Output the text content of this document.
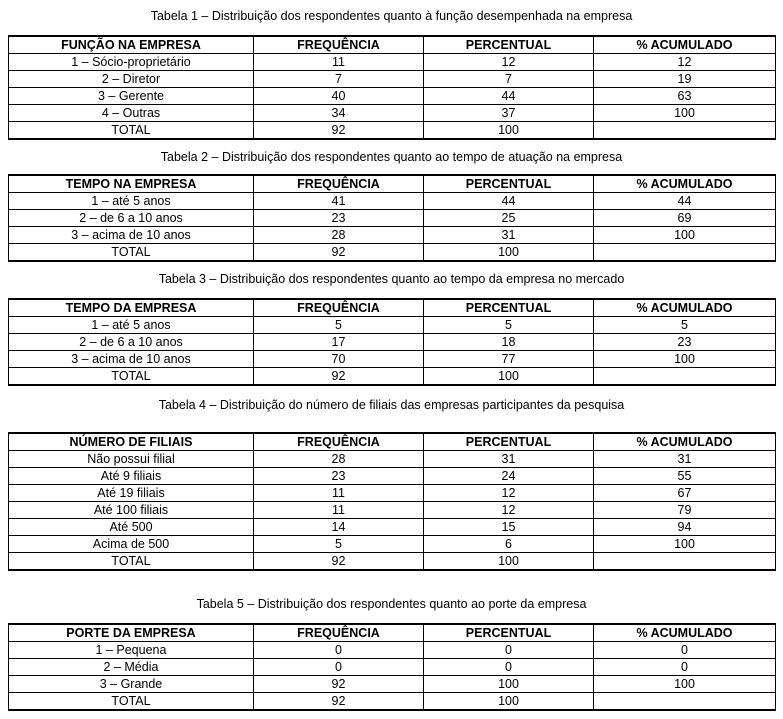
Tabela 1 – Distribuição dos respondentes quanto à função desempenhada na empresa
FUNÇÃO NA EMPRESA	FREQUÊNCIA	PERCENTUAL	% ACUMULADO
1 – Sócio-proprietário	11	12	12
2 – Diretor	7	7	19
3 – Gerente	40	44	63
4 – Outras	34	37	100
TOTAL	92	100	
Tabela 2 – Distribuição dos respondentes quanto ao tempo de atuação na empresa
TEMPO NA EMPRESA	FREQUÊNCIA	PERCENTUAL	% ACUMULADO
1 – até 5 anos	41	44	44
2 – de 6 a 10 anos	23	25	69
3 – acima de 10 anos	28	31	100
TOTAL	92	100	
Tabela 3 – Distribuição dos respondentes quanto ao tempo da empresa no mercado
TEMPO DA EMPRESA	FREQUÊNCIA	PERCENTUAL	% ACUMULADO
1 – até 5 anos	5	5	5
2 – de 6 a 10 anos	17	18	23
3 – acima de 10 anos	70	77	100
TOTAL	92	100	
Tabela 4 – Distribuição do número de filiais das empresas participantes da pesquisa
NÚMERO DE FILIAIS	FREQUÊNCIA	PERCENTUAL	% ACUMULADO
Não possui filial	28	31	31
Até 9 filiais	23	24	55
Até 19 filiais	11	12	67
Até 100 filiais	11	12	79
Até 500	14	15	94
Acima de 500	5	6	100
TOTAL	92	100	
Tabela 5 – Distribuição dos respondentes quanto ao porte da empresa
PORTE DA EMPRESA	FREQUÊNCIA	PERCENTUAL	% ACUMULADO
1 – Pequena	0	0	0
2 – Média	0	0	0
3 – Grande	92	100	100
TOTAL	92	100	
